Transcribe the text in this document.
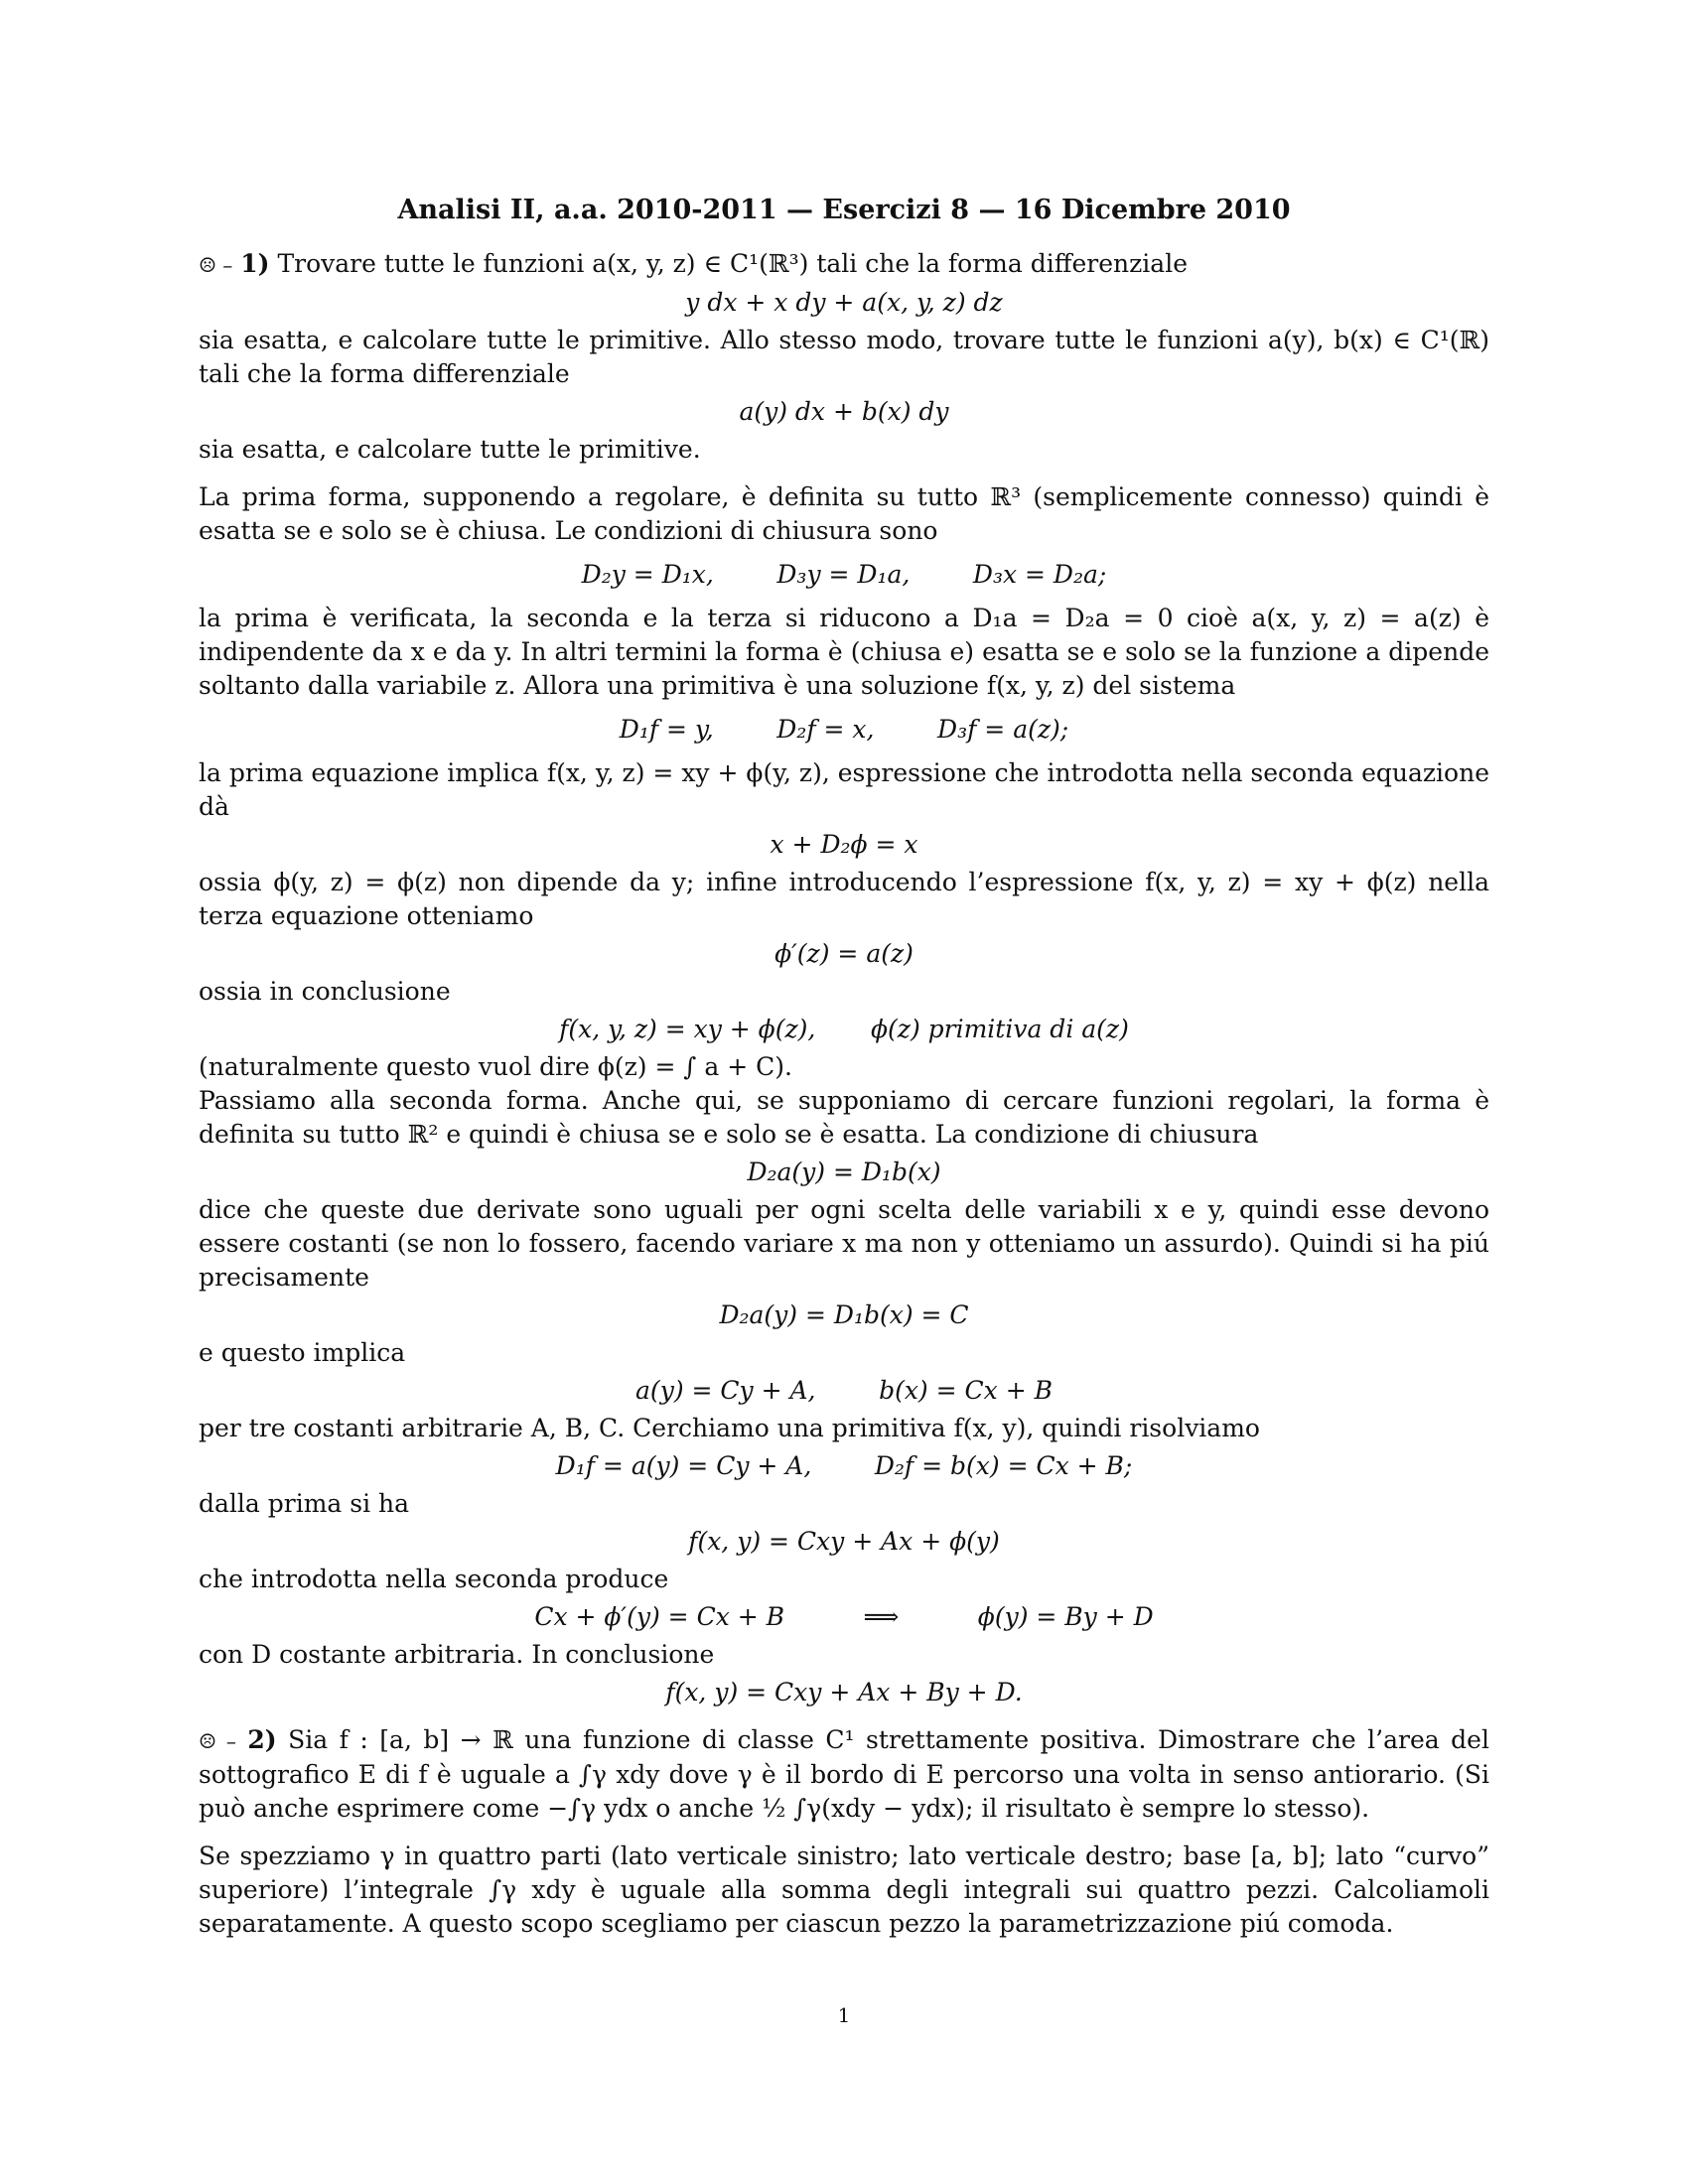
Analisi II, a.a. 2010-2011 — Esercizi 8 — 16 Dicembre 2010

☹ – 1) Trovare tutte le funzioni a(x, y, z) ∈ C¹(ℝ³) tali che la forma differenziale

y dx + x dy + a(x, y, z) dz

sia esatta, e calcolare tutte le primitive. Allo stesso modo, trovare tutte le funzioni a(y), b(x) ∈ C¹(ℝ) tali che la forma differenziale

a(y) dx + b(x) dy

sia esatta, e calcolare tutte le primitive.

La prima forma, supponendo a regolare, è definita su tutto ℝ³ (semplicemente connesso) quindi è esatta se e solo se è chiusa. Le condizioni di chiusura sono

D₂y = D₁x,        D₃y = D₁a,        D₃x = D₂a;

la prima è verificata, la seconda e la terza si riducono a D₁a = D₂a = 0 cioè a(x, y, z) = a(z) è indipendente da x e da y. In altri termini la forma è (chiusa e) esatta se e solo se la funzione a dipende soltanto dalla variabile z. Allora una primitiva è una soluzione f(x, y, z) del sistema

D₁f = y,        D₂f = x,        D₃f = a(z);

la prima equazione implica f(x, y, z) = xy + ϕ(y, z), espressione che introdotta nella seconda equazione dà

x + D₂ϕ = x

ossia ϕ(y, z) = ϕ(z) non dipende da y; infine introducendo l’espressione f(x, y, z) = xy + ϕ(z) nella terza equazione otteniamo

ϕ′(z) = a(z)

ossia in conclusione

f(x, y, z) = xy + ϕ(z),       ϕ(z) primitiva di a(z)

(naturalmente questo vuol dire ϕ(z) = ∫ a + C).

Passiamo alla seconda forma. Anche qui, se supponiamo di cercare funzioni regolari, la forma è definita su tutto ℝ² e quindi è chiusa se e solo se è esatta. La condizione di chiusura

D₂a(y) = D₁b(x)

dice che queste due derivate sono uguali per ogni scelta delle variabili x e y, quindi esse devono essere costanti (se non lo fossero, facendo variare x ma non y otteniamo un assurdo). Quindi si ha piú precisamente

D₂a(y) = D₁b(x) = C

e questo implica

a(y) = Cy + A,        b(x) = Cx + B

per tre costanti arbitrarie A, B, C. Cerchiamo una primitiva f(x, y), quindi risolviamo

D₁f = a(y) = Cy + A,        D₂f = b(x) = Cx + B;

dalla prima si ha

f(x, y) = Cxy + Ax + ϕ(y)

che introdotta nella seconda produce

Cx + ϕ′(y) = Cx + B          ⟹          ϕ(y) = By + D

con D costante arbitraria. In conclusione

f(x, y) = Cxy + Ax + By + D.

☹ – 2) Sia f : [a, b] → ℝ una funzione di classe C¹ strettamente positiva. Dimostrare che l’area del sottografico E di f è uguale a ∫γ xdy dove γ è il bordo di E percorso una volta in senso antiorario. (Si può anche esprimere come −∫γ ydx o anche ½ ∫γ(xdy − ydx); il risultato è sempre lo stesso).

Se spezziamo γ in quattro parti (lato verticale sinistro; lato verticale destro; base [a, b]; lato “curvo” superiore) l’integrale ∫γ xdy è uguale alla somma degli integrali sui quattro pezzi. Calcoliamoli separatamente. A questo scopo scegliamo per ciascun pezzo la parametrizzazione piú comoda.

1
